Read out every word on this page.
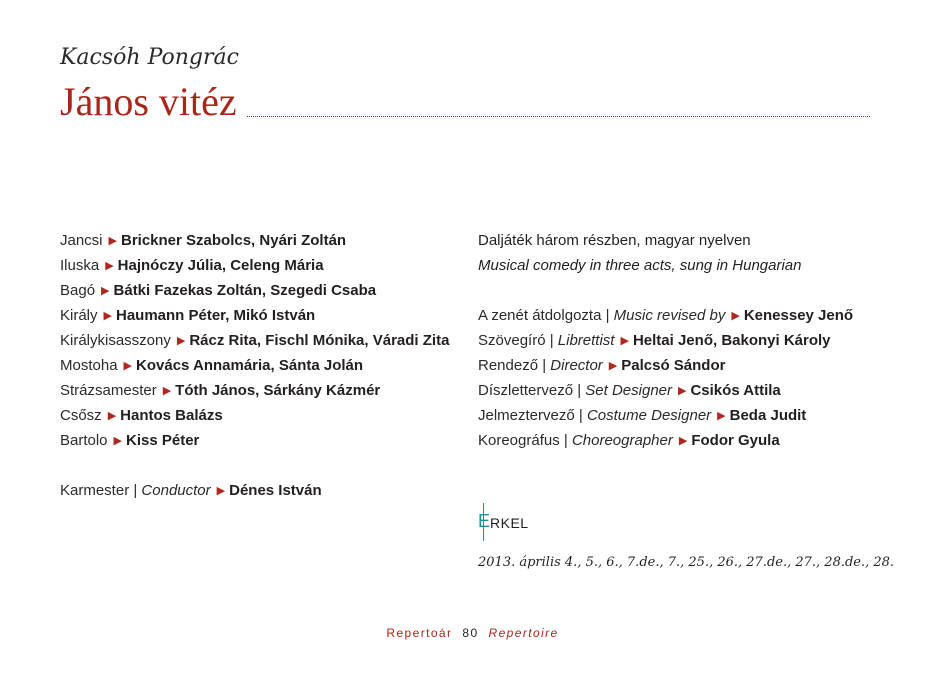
Kacsóh Pongrác
János vitéz
Jancsi ▶ Brickner Szabolcs, Nyári Zoltán
Iluska ▶ Hajnóczy Júlia, Celeng Mária
Bagó ▶ Bátki Fazekas Zoltán, Szegedi Csaba
Király ▶ Haumann Péter, Mikó István
Királykisasszony ▶ Rácz Rita, Fischl Mónika, Váradi Zita
Mostoha ▶ Kovács Annamária, Sánta Jolán
Strázsamester ▶ Tóth János, Sárkány Kázmér
Csősz ▶ Hantos Balázs
Bartolo ▶ Kiss Péter
Karmester | Conductor ▶ Dénes István
Daljáték három részben, magyar nyelven
Musical comedy in three acts, sung in Hungarian
A zenét átdolgozta | Music revised by ▶ Kenessey Jenő
Szövegíró | Librettist ▶ Heltai Jenő, Bakonyi Károly
Rendező | Director ▶ Palcsó Sándor
Díszlettervező | Set Designer ▶ Csikós Attila
Jelmeztervező | Costume Designer ▶ Beda Judit
Koreográfus | Choreographer ▶ Fodor Gyula
E RKEL
2013. április 4., 5., 6., 7.de., 7., 25., 26., 27.de., 27., 28.de., 28.
Repertoár 80 Repertoire
